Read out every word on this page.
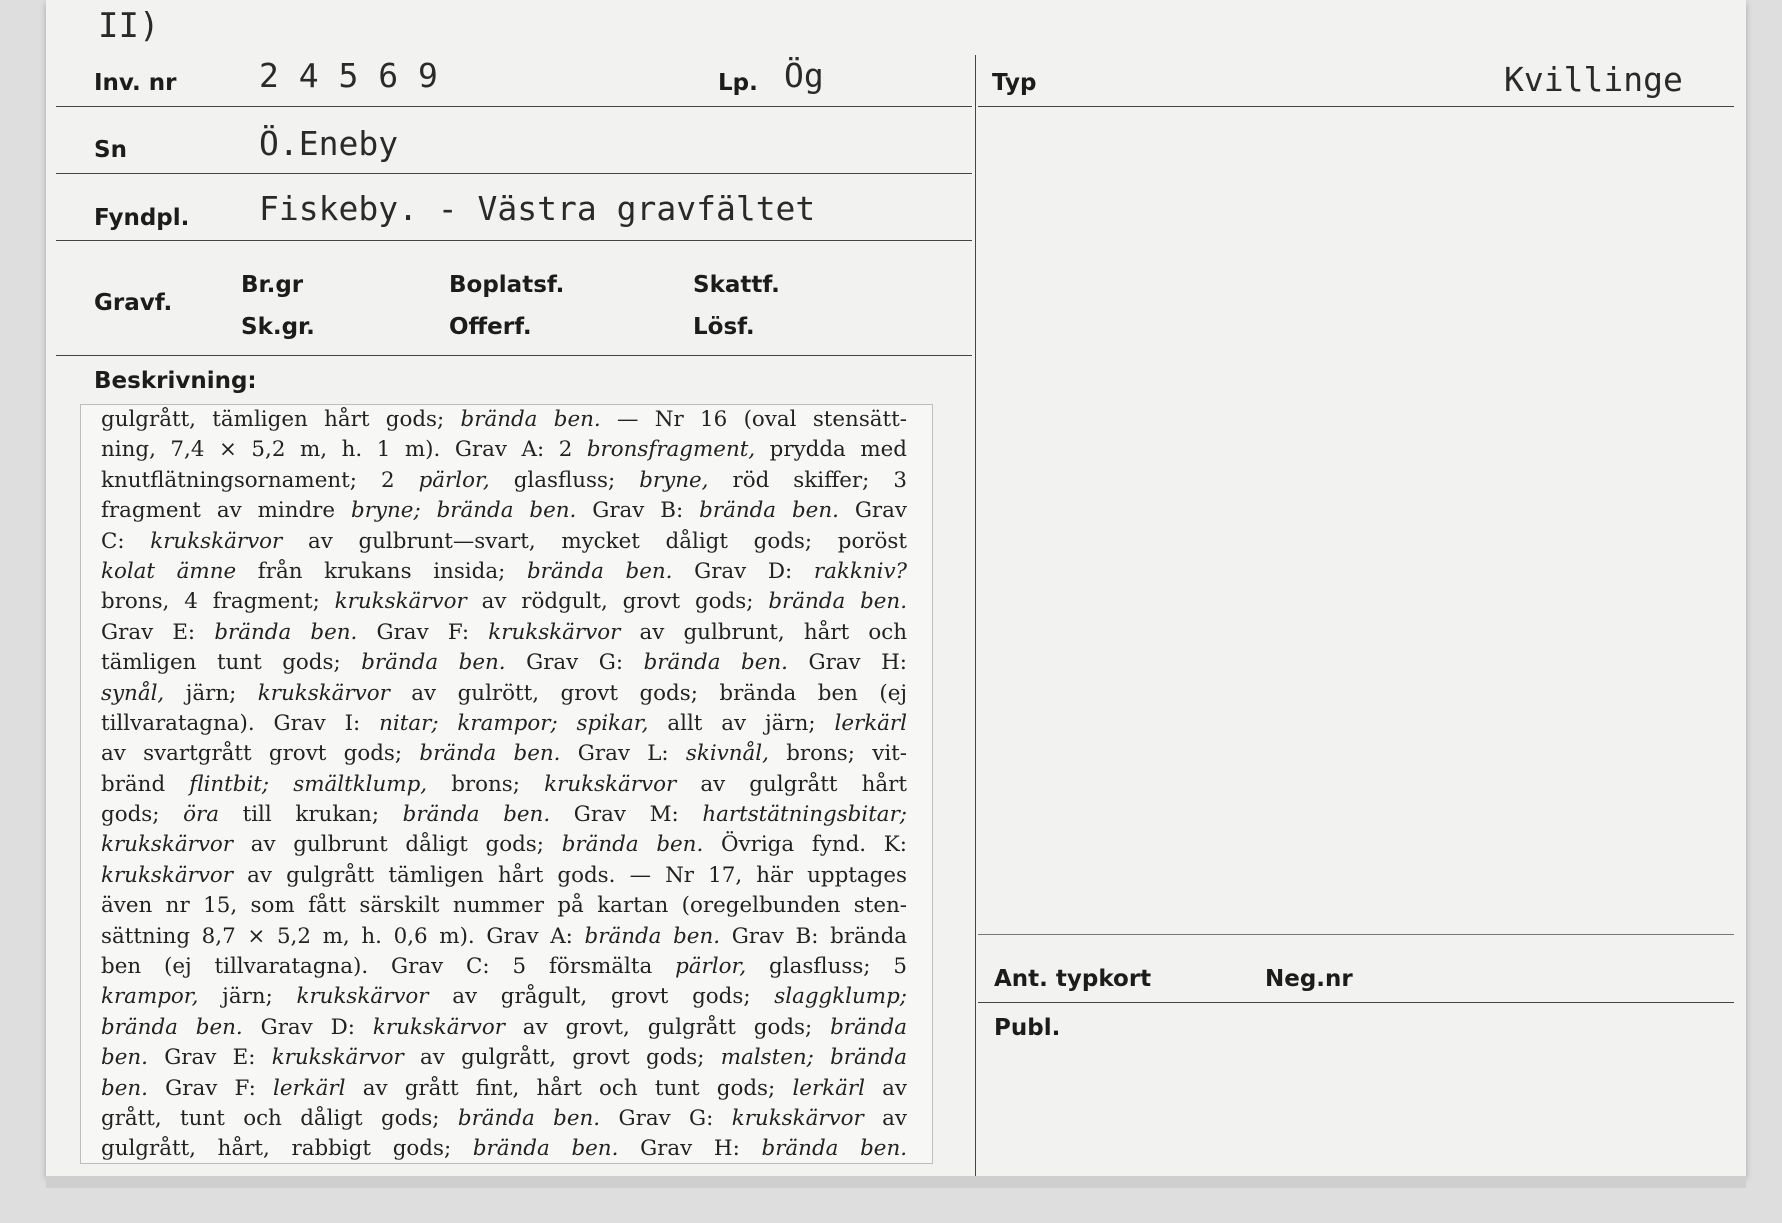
II)
Inv. nr 2 4 5 6 9	Lp. Ög	Typ	Kvillinge
Sn	Ö.Eneby
Fyndpl. Fiskeby. - Västra gravfältet
Gravf.
Br.gr	Boplatsf.	Skattf.
Sk.gr.	Offerf.	Lösf.
Beskrivning:
gulgrått, tämligen hårt gods; brända ben. — Nr 16 (oval stensätt-
ning, 7,4 × 5,2 m, h. 1 m). Grav A: 2 bronsfragment, prydda med
knutflätningsornament; 2 pärlor, glasfluss; bryne, röd skiffer; 3
fragment av mindre bryne; brända ben. Grav B: brända ben. Grav
C: krukskärvor av gulbrunt—svart, mycket dåligt gods; poröst
kolat ämne från krukans insida; brända ben. Grav D: rakkniv?
brons, 4 fragment; krukskärvor av rödgult, grovt gods; brända ben.
Grav E: brända ben. Grav F: krukskärvor av gulbrunt, hårt och
tämligen tunt gods; brända ben. Grav G: brända ben. Grav H:
synål, järn; krukskärvor av gulrött, grovt gods; brända ben (ej
tillvaratagna). Grav I: nitar; krampor; spikar, allt av järn; lerkärl
av svartgrått grovt gods; brända ben. Grav L: skivnål, brons; vit-
bränd flintbit; smältklump, brons; krukskärvor av gulgrått hårt
gods; öra till krukan; brända ben. Grav M: hartstätningsbitar;
krukskärvor av gulbrunt dåligt gods; brända ben. Övriga fynd. K:
krukskärvor av gulgrått tämligen hårt gods. — Nr 17, här upptages
även nr 15, som fått särskilt nummer på kartan (oregelbunden sten-
sättning 8,7 × 5,2 m, h. 0,6 m). Grav A: brända ben. Grav B: brända
ben (ej tillvaratagna). Grav C: 5 försmälta pärlor, glasfluss; 5
krampor, järn; krukskärvor av grågult, grovt gods; slaggklump;
brända ben. Grav D: krukskärvor av grovt, gulgrått gods; brända
ben. Grav E: krukskärvor av gulgrått, grovt gods; malsten; brända
ben. Grav F: lerkärl av grått fint, hårt och tunt gods; lerkärl av
grått, tunt och dåligt gods; brända ben. Grav G: krukskärvor av
gulgrått, hårt, rabbigt gods; brända ben. Grav H: brända ben.
Ant. typkort	Neg.nr
Publ.
